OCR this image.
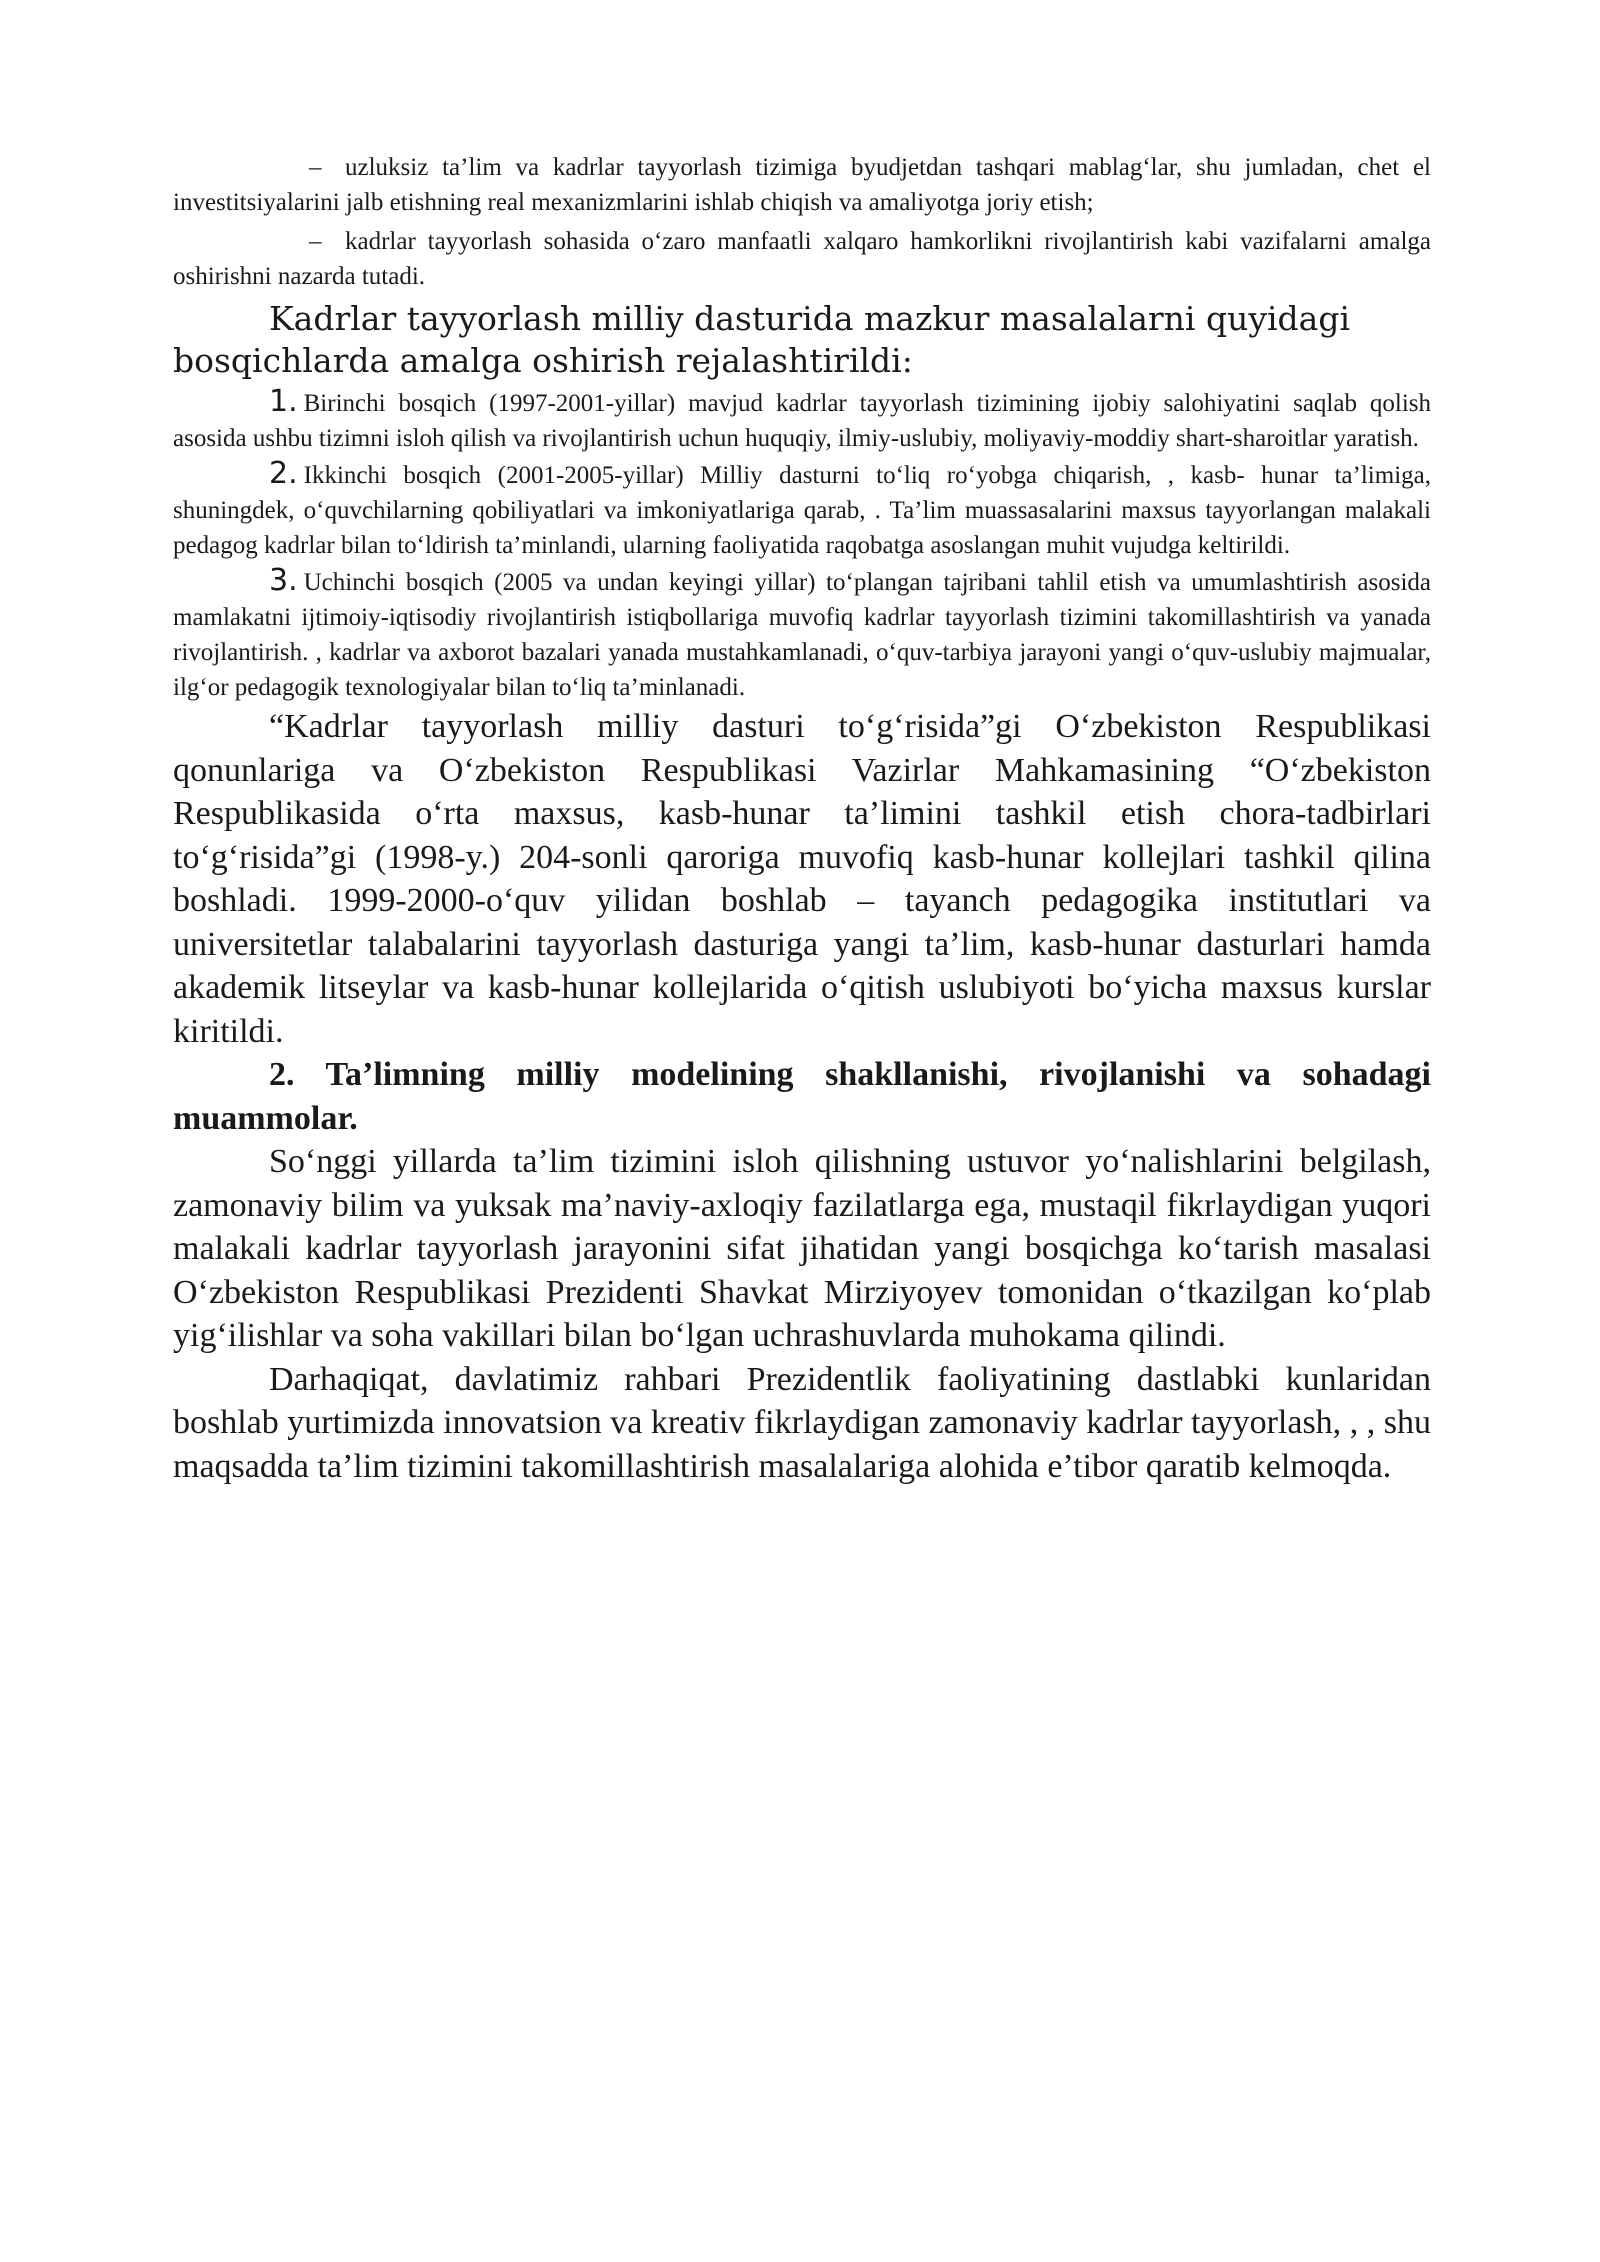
– uzluksiz ta’lim va kadrlar tayyorlash tizimiga byudjetdan tashqari mablag‘lar, shu jumladan, chet el investitsiyalarini jalb etishning real mexanizmlarini ishlab chiqish va amaliyotga joriy etish;

– kadrlar tayyorlash sohasida o‘zaro manfaatli xalqaro hamkorlikni rivojlantirish kabi vazifalarni amalga oshirishni nazarda tutadi.

Kadrlar tayyorlash milliy dasturida mazkur masalalarni quyidagi bosqichlarda amalga oshirish rejalashtirildi:

1. Birinchi bosqich (1997-2001-yillar) mavjud kadrlar tayyorlash tizimining ijobiy salohiyatini saqlab qolish asosida ushbu tizimni isloh qilish va rivojlantirish uchun huquqiy, ilmiy-uslubiy, moliyaviy-moddiy shart-sharoitlar yaratish.

2. Ikkinchi bosqich (2001-2005-yillar) Milliy dasturni to‘liq ro‘yobga chiqarish, , kasb- hunar ta’limiga, shuningdek, o‘quvchilarning qobiliyatlari va imkoniyatlariga qarab, . Ta’lim muassasalarini maxsus tayyorlangan malakali pedagog kadrlar bilan to‘ldirish ta’minlandi, ularning faoliyatida raqobatga asoslangan muhit vujudga keltirildi.

3. Uchinchi bosqich (2005 va undan keyingi yillar) to‘plangan tajribani tahlil etish va umumlashtirish asosida mamlakatni ijtimoiy-iqtisodiy rivojlantirish istiqbollariga muvofiq kadrlar tayyorlash tizimini takomillashtirish va yanada rivojlantirish. , kadrlar va axborot bazalari yanada mustahkamlanadi, o‘quv-tarbiya jarayoni yangi o‘quv-uslubiy majmualar, ilg‘or pedagogik texnologiyalar bilan to‘liq ta’minlanadi.

“Kadrlar tayyorlash milliy dasturi to‘g‘risida”gi O‘zbekiston Respublikasi qonunlariga va O‘zbekiston Respublikasi Vazirlar Mahkamasining “O‘zbekiston Respublikasida o‘rta maxsus, kasb-hunar ta’limini tashkil etish chora-tadbirlari to‘g‘risida”gi (1998-y.) 204-sonli qaroriga muvofiq kasb-hunar kollejlari tashkil qilina boshladi. 1999-2000-o‘quv yilidan boshlab – tayanch pedagogika institutlari va universitetlar talabalarini tayyorlash dasturiga yangi ta’lim, kasb-hunar dasturlari hamda akademik litseylar va kasb-hunar kollejlarida o‘qitish uslubiyoti bo‘yicha maxsus kurslar kiritildi.

2. Ta’limning milliy modelining shakllanishi, rivojlanishi va sohadagi muammolar.

So‘nggi yillarda ta’lim tizimini isloh qilishning ustuvor yo‘nalishlarini belgilash, zamonaviy bilim va yuksak ma’naviy-axloqiy fazilatlarga ega, mustaqil fikrlaydigan yuqori malakali kadrlar tayyorlash jarayonini sifat jihatidan yangi bosqichga ko‘tarish masalasi O‘zbekiston Respublikasi Prezidenti Shavkat Mirziyoyev tomonidan o‘tkazilgan ko‘plab yig‘ilishlar va soha vakillari bilan bo‘lgan uchrashuvlarda muhokama qilindi.

Darhaqiqat, davlatimiz rahbari Prezidentlik faoliyatining dastlabki kunlaridan boshlab yurtimizda innovatsion va kreativ fikrlaydigan zamonaviy kadrlar tayyorlash, , , shu maqsadda ta’lim tizimini takomillashtirish masalalariga alohida e’tibor qaratib kelmoqda.
